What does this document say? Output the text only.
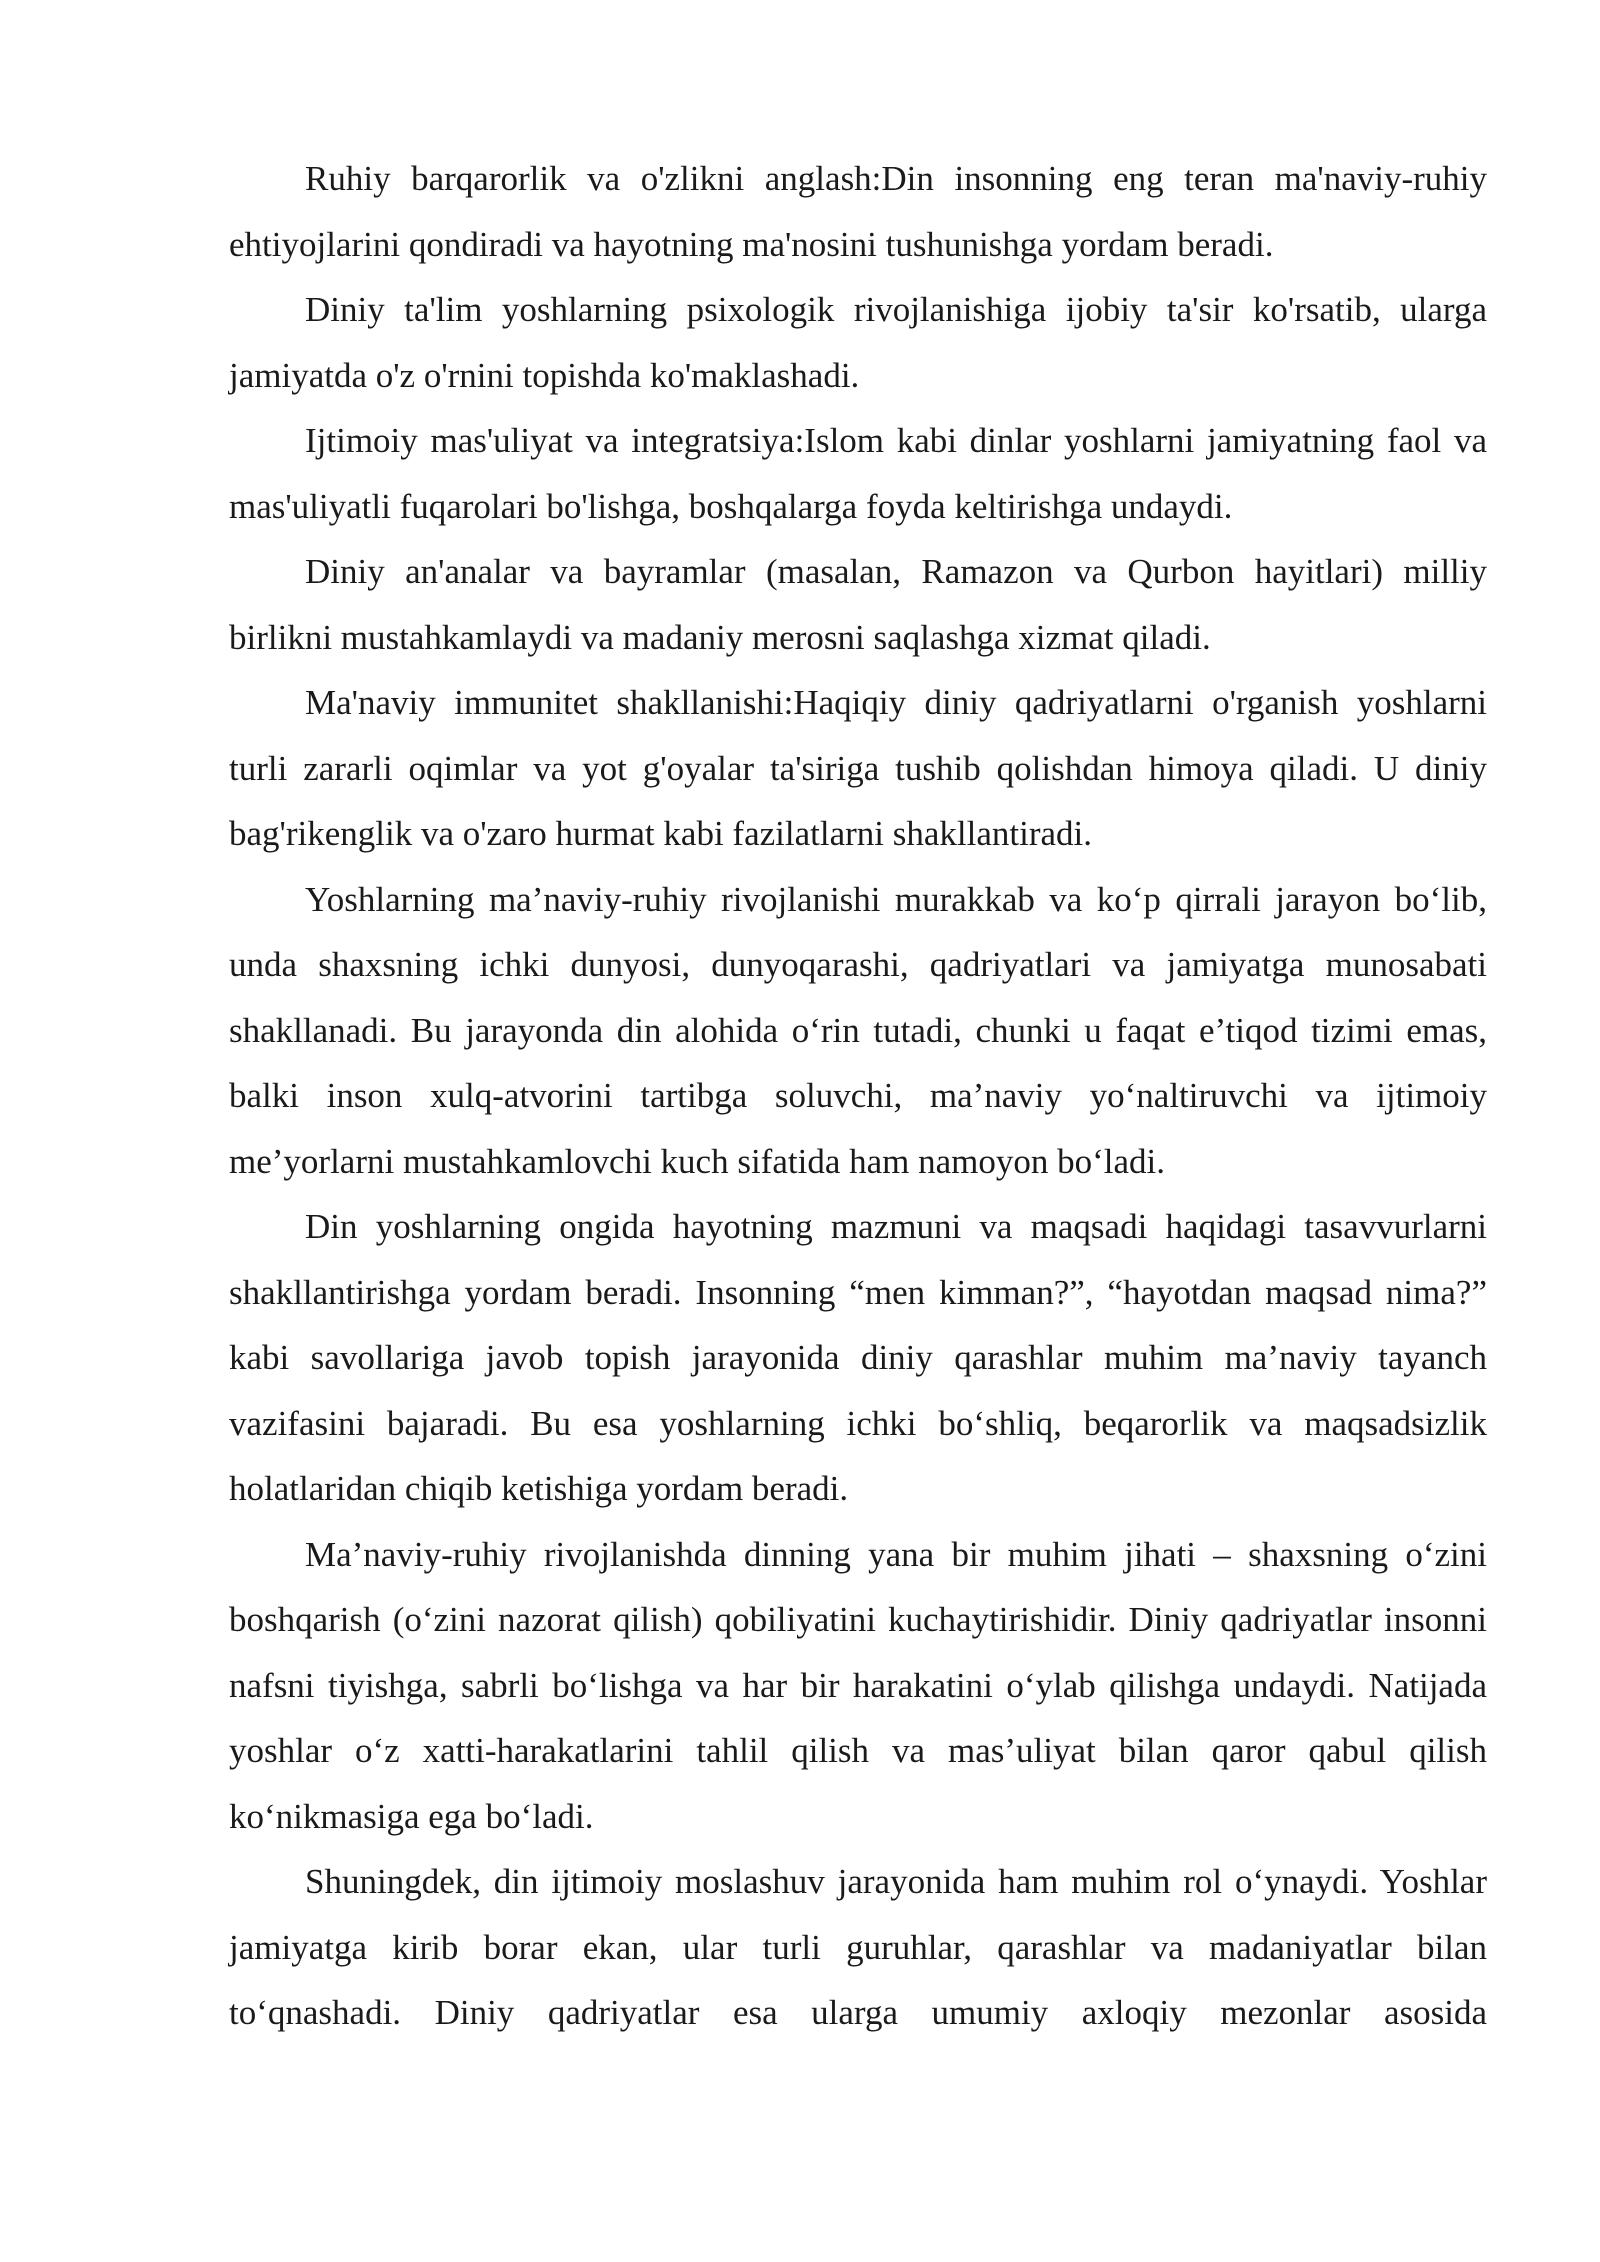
Ruhiy barqarorlik va o'zlikni anglash:Din insonning eng teran ma'naviy-ruhiy ehtiyojlarini qondiradi va hayotning ma'nosini tushunishga yordam beradi.

Diniy ta'lim yoshlarning psixologik rivojlanishiga ijobiy ta'sir ko'rsatib, ularga jamiyatda o'z o'rnini topishda ko'maklashadi.

Ijtimoiy mas'uliyat va integratsiya:Islom kabi dinlar yoshlarni jamiyatning faol va mas'uliyatli fuqarolari bo'lishga, boshqalarga foyda keltirishga undaydi.

Diniy an'analar va bayramlar (masalan, Ramazon va Qurbon hayitlari) milliy birlikni mustahkamlaydi va madaniy merosni saqlashga xizmat qiladi.

Ma'naviy immunitet shakllanishi:Haqiqiy diniy qadriyatlarni o'rganish yoshlarni turli zararli oqimlar va yot g'oyalar ta'siriga tushib qolishdan himoya qiladi. U diniy bag'rikenglik va o'zaro hurmat kabi fazilatlarni shakllantiradi.

Yoshlarning ma’naviy-ruhiy rivojlanishi murakkab va ko‘p qirrali jarayon bo‘lib, unda shaxsning ichki dunyosi, dunyoqarashi, qadriyatlari va jamiyatga munosabati shakllanadi. Bu jarayonda din alohida o‘rin tutadi, chunki u faqat e’tiqod tizimi emas, balki inson xulq-atvorini tartibga soluvchi, ma’naviy yo‘naltiruvchi va ijtimoiy me’yorlarni mustahkamlovchi kuch sifatida ham namoyon bo‘ladi.

Din yoshlarning ongida hayotning mazmuni va maqsadi haqidagi tasavvurlarni shakllantirishga yordam beradi. Insonning “men kimman?”, “hayotdan maqsad nima?” kabi savollariga javob topish jarayonida diniy qarashlar muhim ma’naviy tayanch vazifasini bajaradi. Bu esa yoshlarning ichki bo‘shliq, beqarorlik va maqsadsizlik holatlaridan chiqib ketishiga yordam beradi.

Ma’naviy-ruhiy rivojlanishda dinning yana bir muhim jihati – shaxsning o‘zini boshqarish (o‘zini nazorat qilish) qobiliyatini kuchaytirishidir. Diniy qadriyatlar insonni nafsni tiyishga, sabrli bo‘lishga va har bir harakatini o‘ylab qilishga undaydi. Natijada yoshlar o‘z xatti-harakatlarini tahlil qilish va mas’uliyat bilan qaror qabul qilish ko‘nikmasiga ega bo‘ladi.

Shuningdek, din ijtimoiy moslashuv jarayonida ham muhim rol o‘ynaydi. Yoshlar jamiyatga kirib borar ekan, ular turli guruhlar, qarashlar va madaniyatlar bilan to‘qnashadi. Diniy qadriyatlar esa ularga umumiy axloqiy mezonlar asosida
